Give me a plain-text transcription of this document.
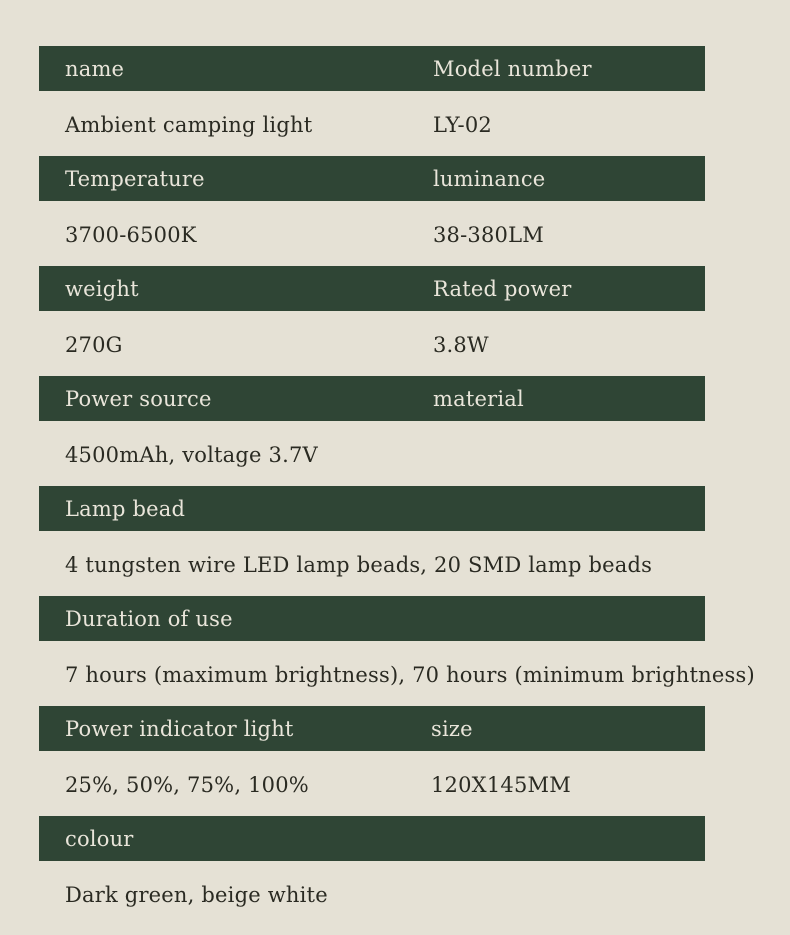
name	Model number
Ambient camping light	LY-02
Temperature	luminance
3700-6500K	38-380LM
weight	Rated power
270G	3.8W
Power source	material
4500mAh, voltage 3.7V
Lamp bead
4 tungsten wire LED lamp beads, 20 SMD lamp beads
Duration of use
7 hours (maximum brightness), 70 hours (minimum brightness)
Power indicator light	size
25%, 50%, 75%, 100%	120X145MM
colour
Dark green, beige white
